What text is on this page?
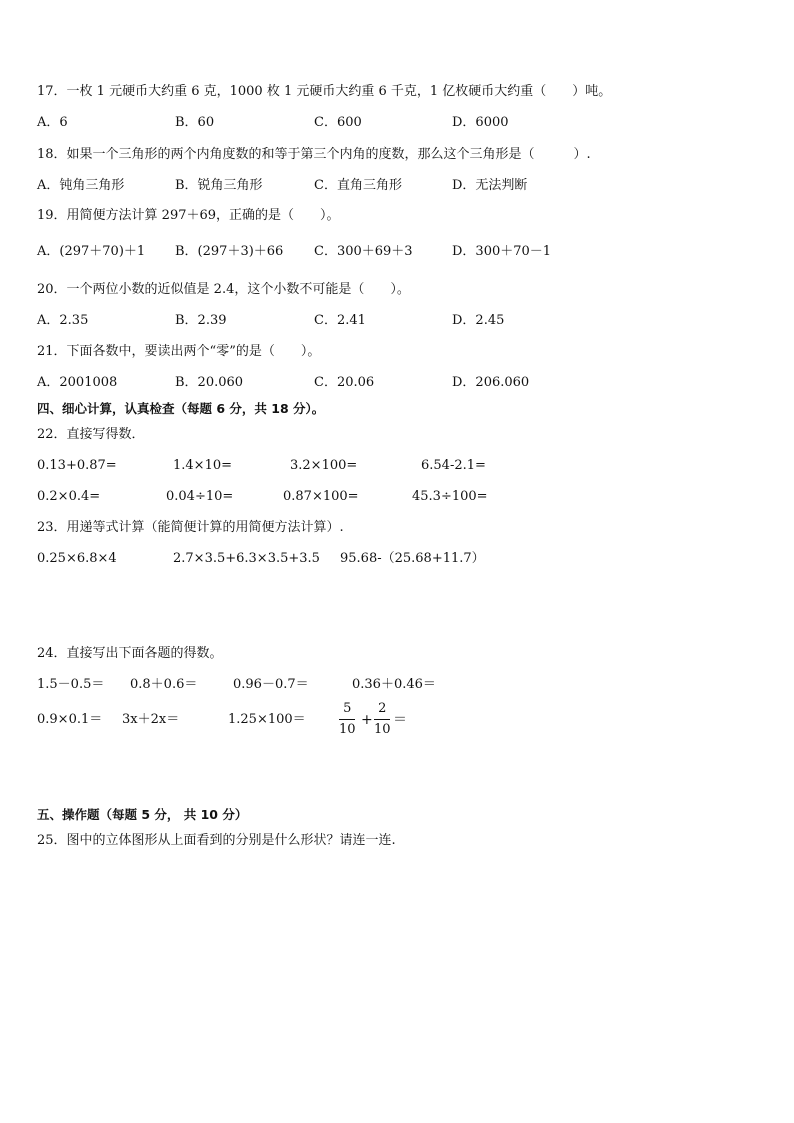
17．一枚 1 元硬币大约重 6 克，1000 枚 1 元硬币大约重 6 千克，1 亿枚硬币大约重（　　）吨。
A．6	B．60	C．600	D．6000
18．如果一个三角形的两个内角度数的和等于第三个内角的度数，那么这个三角形是（　　　）.
A．钝角三角形	B．锐角三角形	C．直角三角形	D．无法判断
19．用简便方法计算 297＋69，正确的是（　　）。
A．(297＋70)＋1 B．(297＋3)＋66 C．300＋69＋3	D．300＋70－1
20．一个两位小数的近似值是 2.4，这个小数不可能是（　　）。
A．2.35	B．2.39	C．2.41	D．2.45
21．下面各数中，要读出两个“零”的是（　　）。
A．2001008	B．20.060	C．20.06	D．206.060
四、细心计算，认真检查（每题 6 分，共 18 分）。
22．直接写得数．
0.13+0.87=	1.4×10=	3.2×100=	6.54-2.1=
0.2×0.4=	0.04÷10=	0.87×100=	45.3÷100=
23．用递等式计算（能简便计算的用简便方法计算）.
0.25×6.8×4	2.7×3.5+6.3×3.5+3.5 95.68-（25.68+11.7）
24．直接写出下面各题的得数。
1.5－0.5＝ 0.8＋0.6＝	0.96－0.7＝	0.36＋0.46＝
0.9×0.1＝ 3x＋2x＝	1.25×100＝
5
10
+
2
10
＝
五、操作题（每题 5 分， 共 10 分）
25．图中的立体图形从上面看到的分别是什么形状？请连一连.
